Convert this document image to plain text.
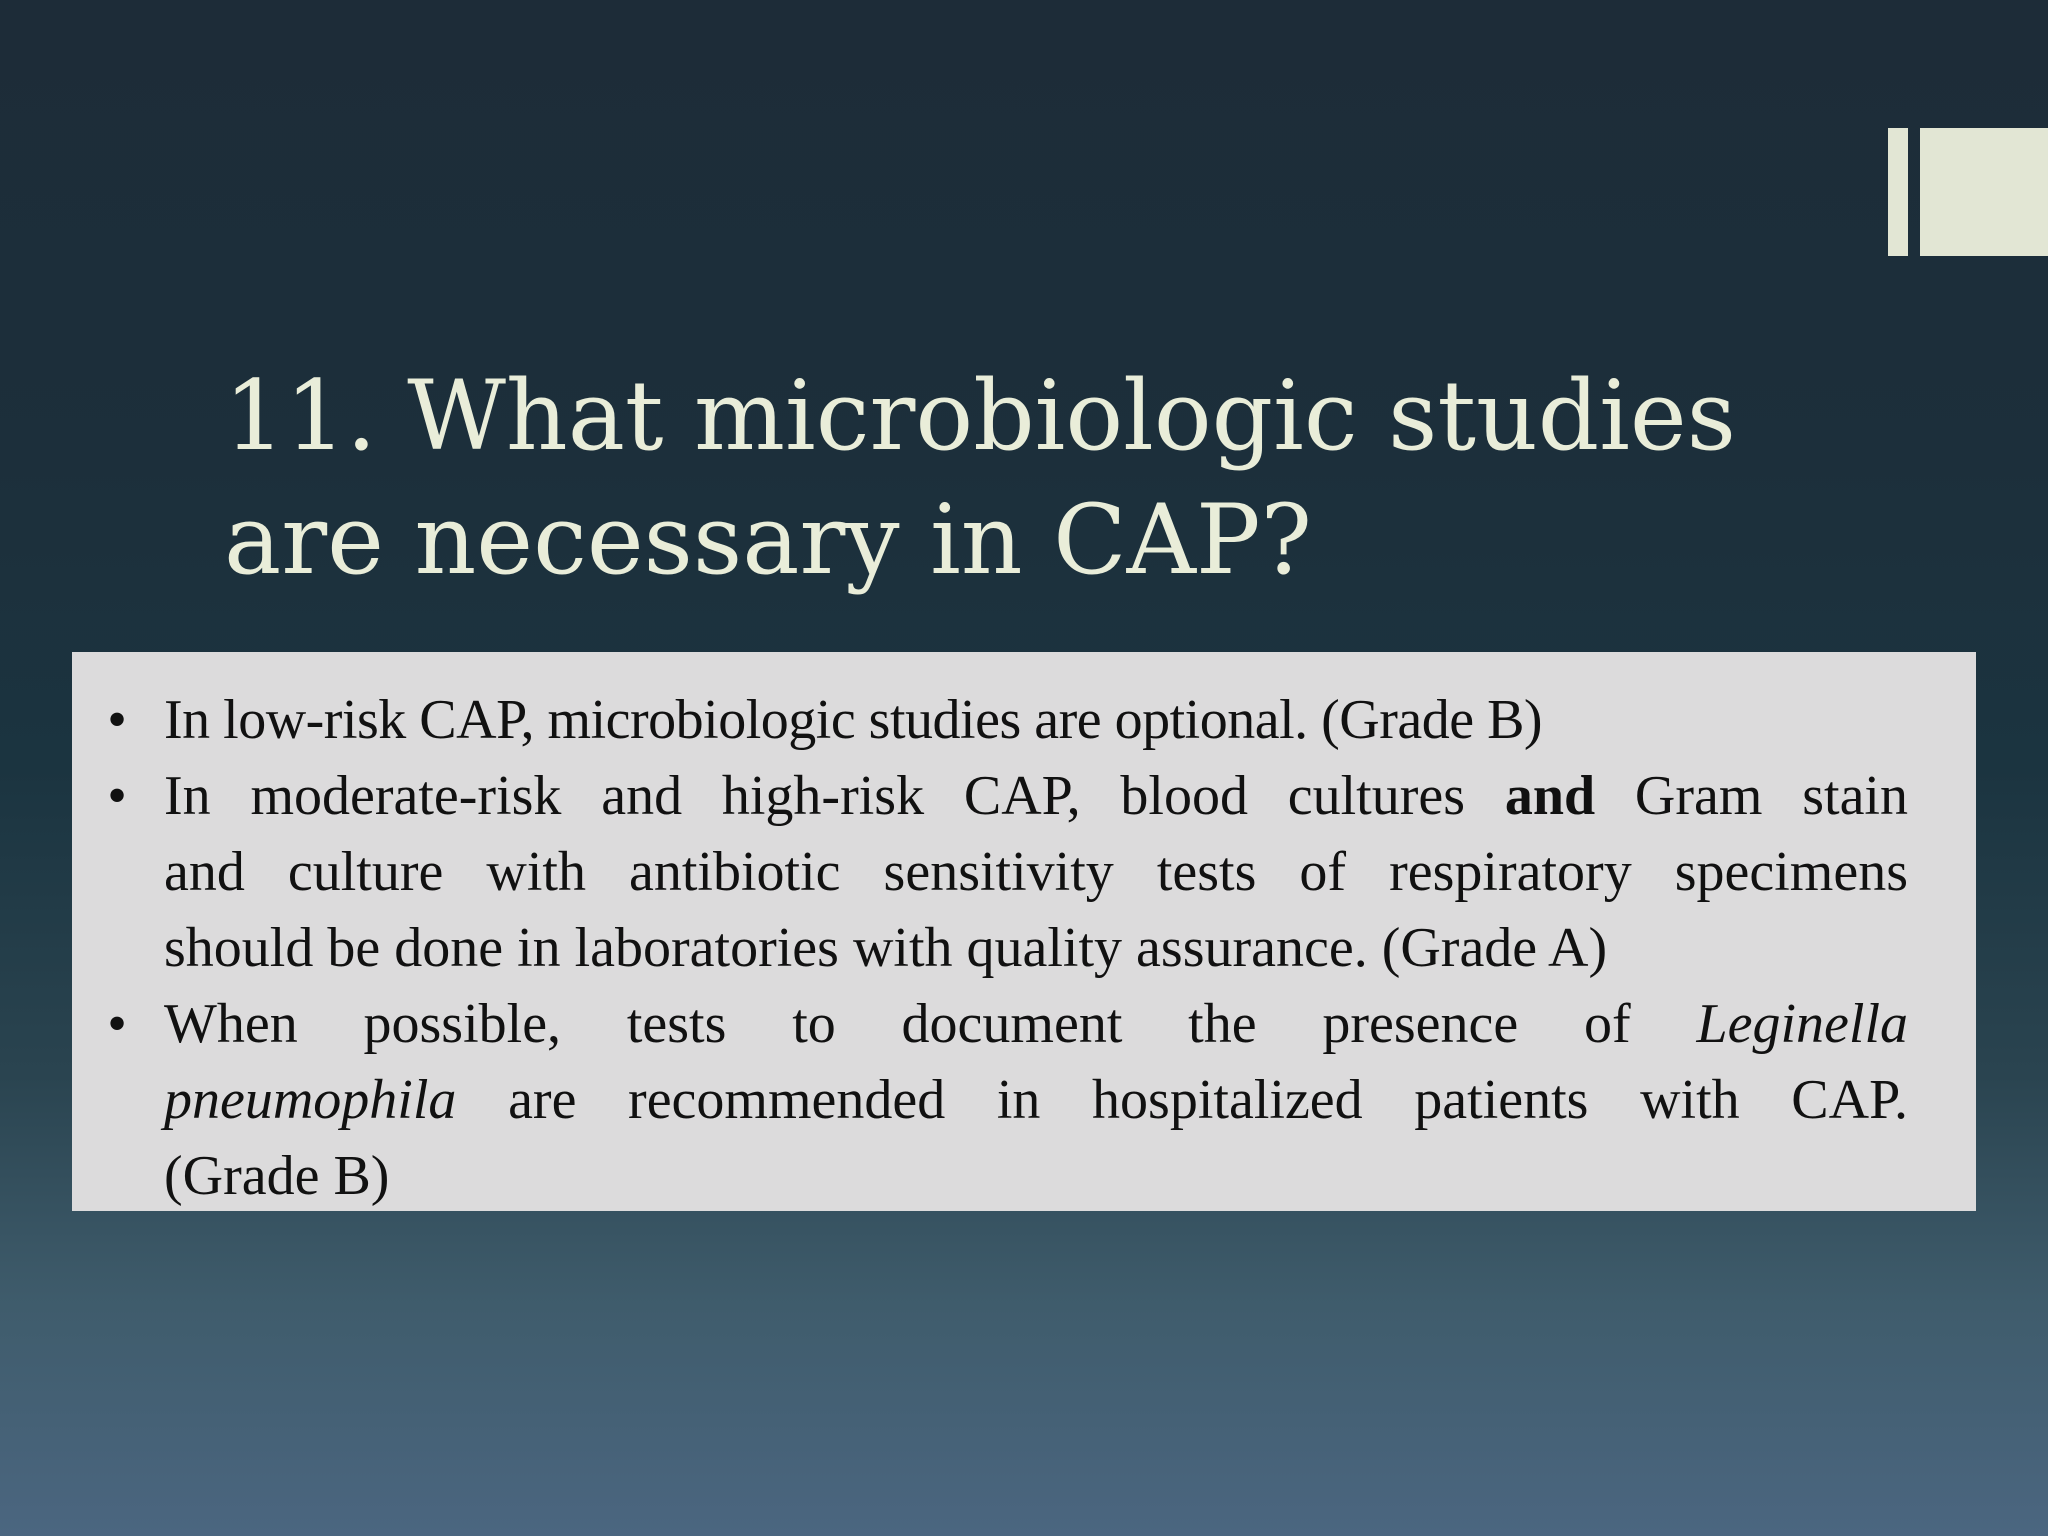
11. What microbiologic studies are necessary in CAP?
•
In low-risk CAP, microbiologic studies are optional. (Grade B)
•
In moderate-risk and high-risk CAP, blood cultures and Gram stain
and culture with antibiotic sensitivity tests of respiratory specimens
should be done in laboratories with quality assurance. (Grade A)
•
When possible, tests to document the presence of Leginella
pneumophila are recommended in hospitalized patients with CAP.
(Grade B)
